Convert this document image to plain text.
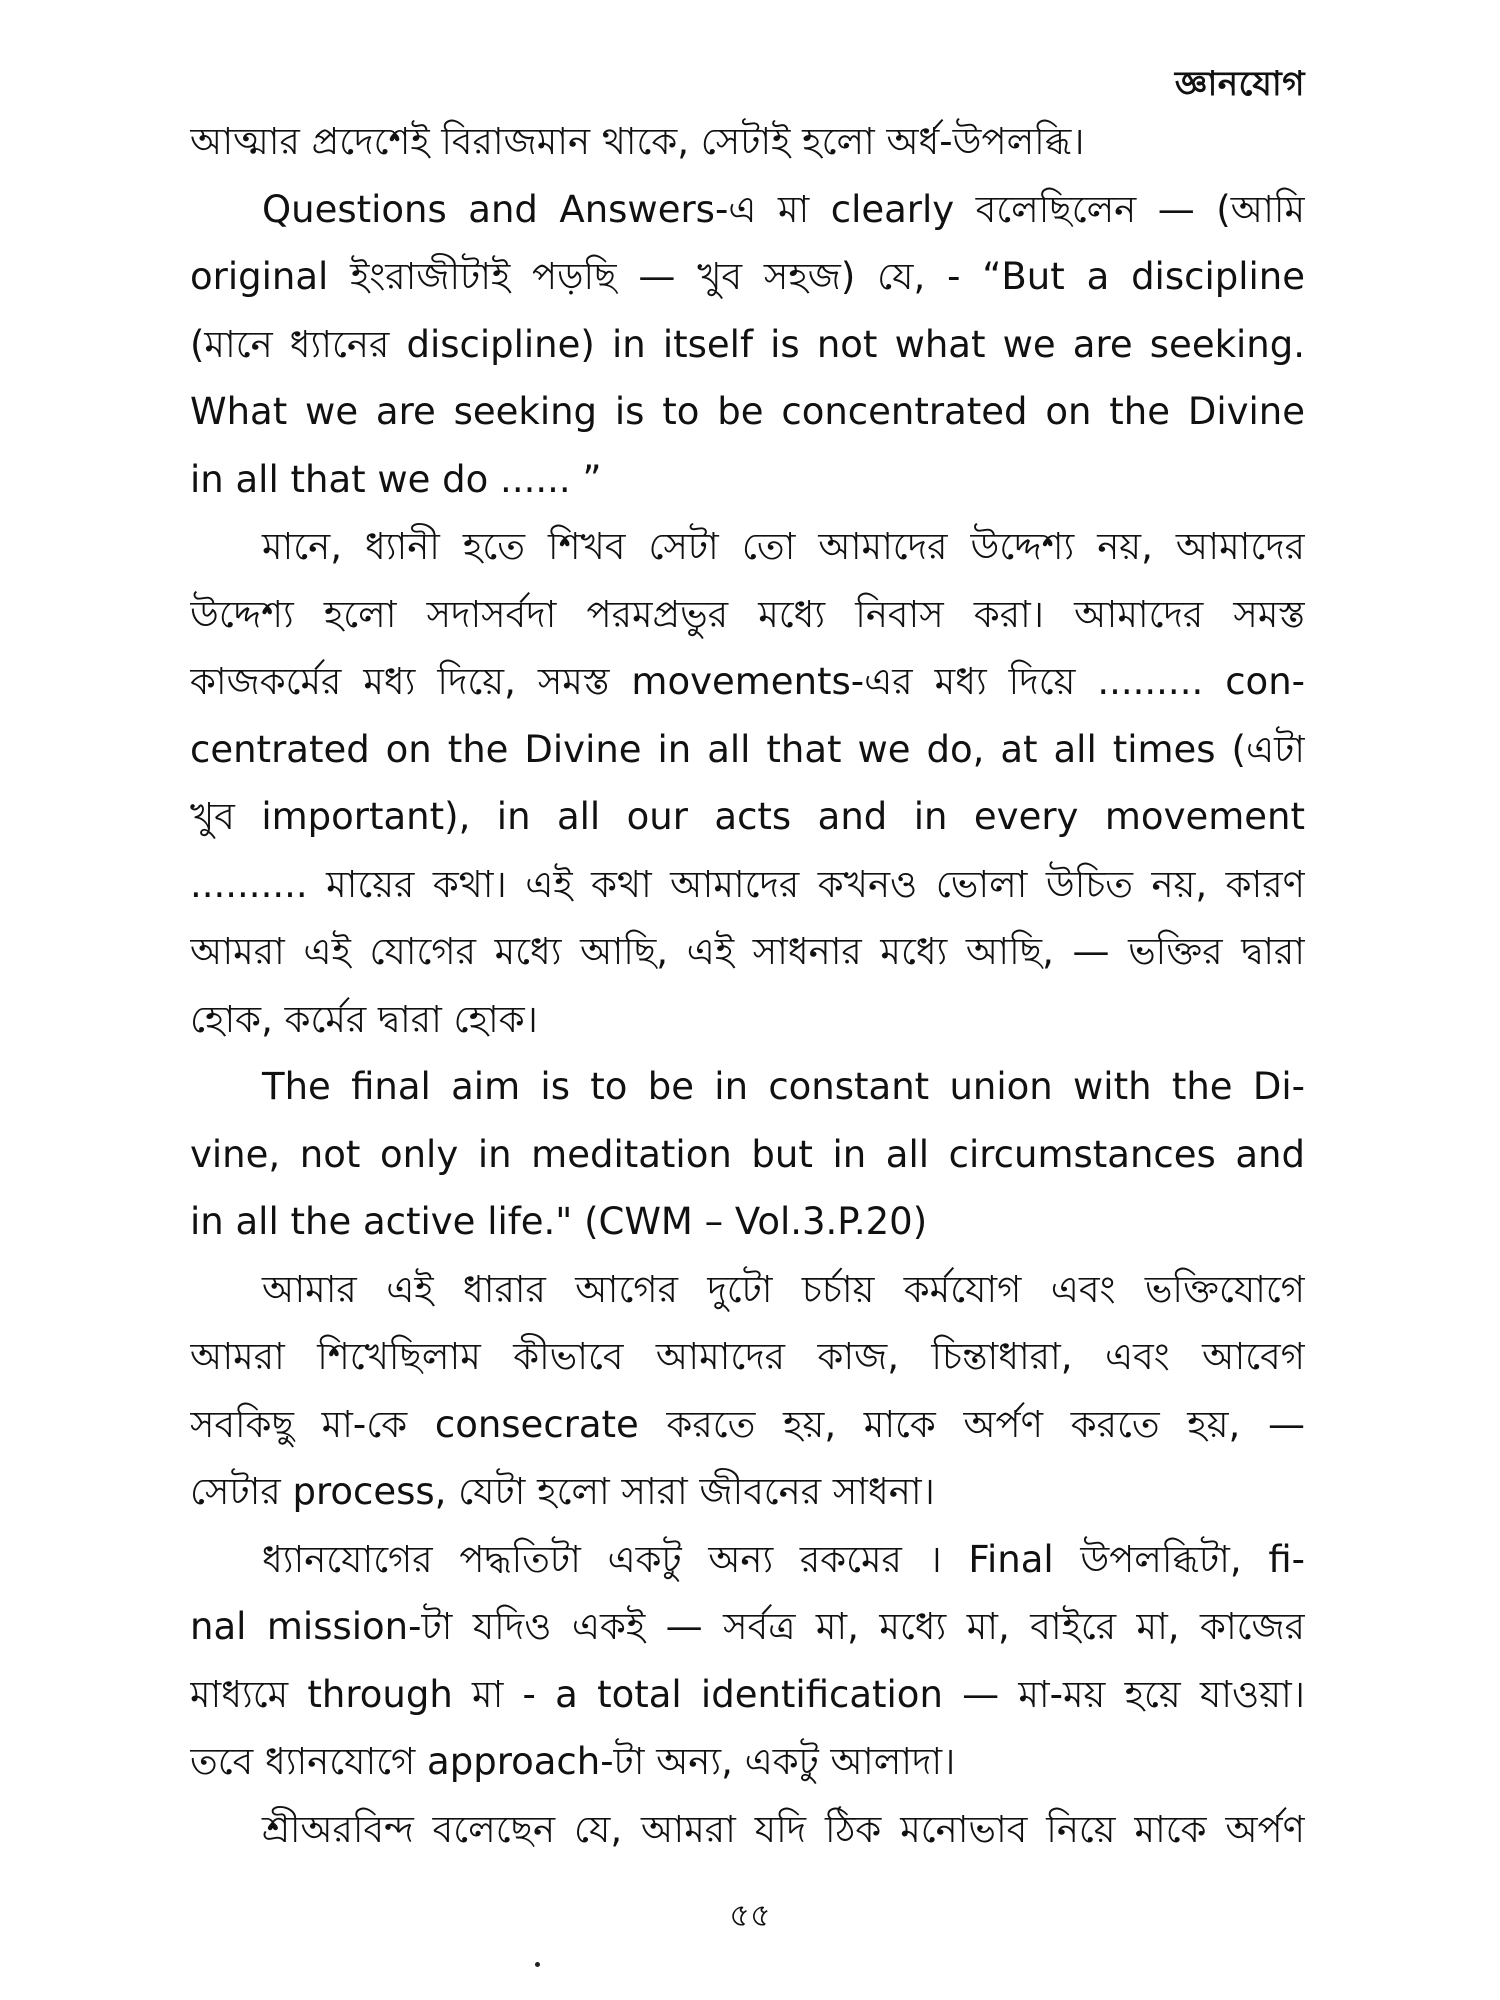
জ্ঞানযোগ
আত্মার প্রদেশেই বিরাজমান থাকে, সেটাই হলো অর্ধ-উপলব্ধি।
Questions and Answers-এ মা clearly বলেছিলেন — (আমি
original ইংরাজীটাই পড়ছি — খুব সহজ) যে, - “But a discipline
(মানে ধ্যানের discipline) in itself is not what we are seeking.
What we are seeking is to be concentrated on the Divine
in all that we do ...... ”
মানে, ধ্যানী হতে শিখব সেটা তো আমাদের উদ্দেশ্য নয়, আমাদের
উদ্দেশ্য হলো সদাসর্বদা পরমপ্রভুর মধ্যে নিবাস করা। আমাদের সমস্ত
কাজকর্মের মধ্য দিয়ে, সমস্ত movements-এর মধ্য দিয়ে ......... con-
centrated on the Divine in all that we do, at all times (এটা
খুব important), in all our acts and in every movement
.......... মায়ের কথা। এই কথা আমাদের কখনও ভোলা উচিত নয়, কারণ
আমরা এই যোগের মধ্যে আছি, এই সাধনার মধ্যে আছি, — ভক্তির দ্বারা
হোক, কর্মের দ্বারা হোক।
The final aim is to be in constant union with the Di-
vine, not only in meditation but in all circumstances and
in all the active life." (CWM – Vol.3.P.20)
আমার এই ধারার আগের দুটো চর্চায় কর্মযোগ এবং ভক্তিযোগে
আমরা শিখেছিলাম কীভাবে আমাদের কাজ, চিন্তাধারা, এবং আবেগ
সবকিছু মা-কে consecrate করতে হয়, মাকে অর্পণ করতে হয়, —
সেটার process, যেটা হলো সারা জীবনের সাধনা।
ধ্যানযোগের পদ্ধতিটা একটু অন্য রকমের । Final উপলব্ধিটা, fi-
nal mission-টা যদিও একই — সর্বত্র মা, মধ্যে মা, বাইরে মা, কাজের
মাধ্যমে through মা - a total identification — মা-ময় হয়ে যাওয়া।
তবে ধ্যানযোগে approach-টা অন্য, একটু আলাদা।
শ্রীঅরবিন্দ বলেছেন যে, আমরা যদি ঠিক মনোভাব নিয়ে মাকে অর্পণ
৫৫
